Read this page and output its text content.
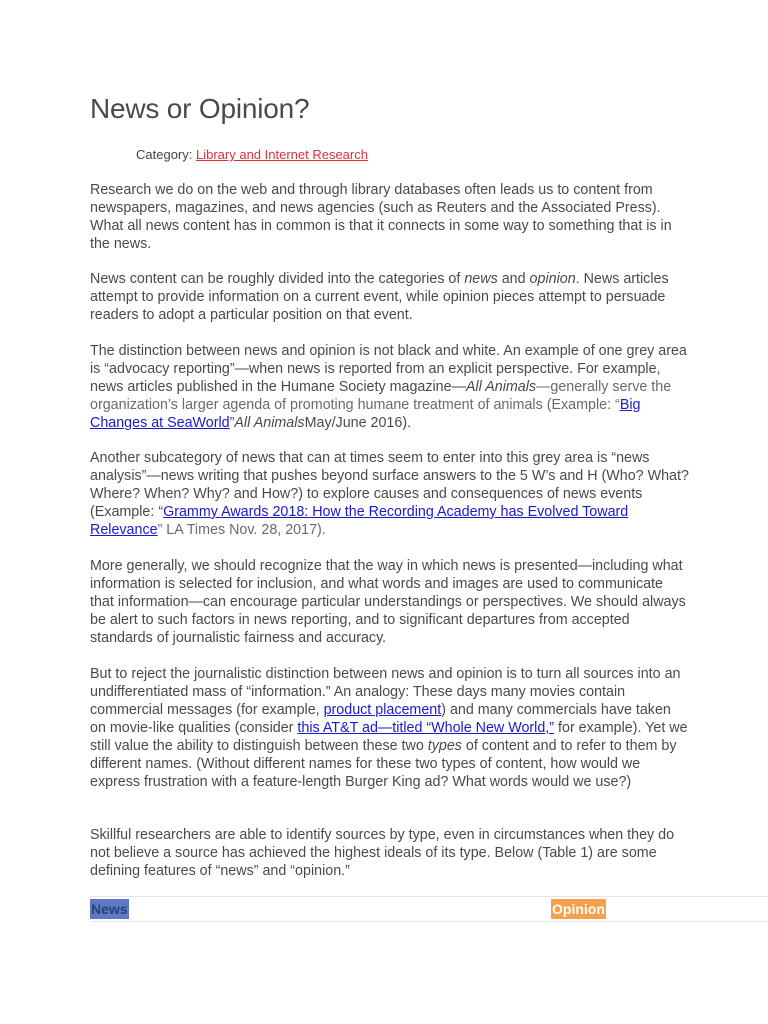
News or Opinion?
Category: Library and Internet Research

Research we do on the web and through library databases often leads us to content from newspapers, magazines, and news agencies (such as Reuters and the Associated Press). What all news content has in common is that it connects in some way to something that is in the news.

News content can be roughly divided into the categories of news and opinion. News articles attempt to provide information on a current event, while opinion pieces attempt to persuade readers to adopt a particular position on that event.

The distinction between news and opinion is not black and white. An example of one grey area is “advocacy reporting”—when news is reported from an explicit perspective. For example, news articles published in the Humane Society magazine—All Animals—generally serve the organization’s larger agenda of promoting humane treatment of animals (Example: “Big Changes at SeaWorld”All AnimalsMay/June 2016).

Another subcategory of news that can at times seem to enter into this grey area is “news analysis”—news writing that pushes beyond surface answers to the 5 W’s and H (Who? What? Where? When? Why? and How?) to explore causes and consequences of news events (Example: “Grammy Awards 2018: How the Recording Academy has Evolved Toward Relevance” LA Times Nov. 28, 2017).

More generally, we should recognize that the way in which news is presented—including what information is selected for inclusion, and what words and images are used to communicate that information—can encourage particular understandings or perspectives. We should always be alert to such factors in news reporting, and to significant departures from accepted standards of journalistic fairness and accuracy.

But to reject the journalistic distinction between news and opinion is to turn all sources into an undifferentiated mass of “information.” An analogy: These days many movies contain commercial messages (for example, product placement) and many commercials have taken on movie-like qualities (consider this AT&T ad—titled “Whole New World,” for example). Yet we still value the ability to distinguish between these two types of content and to refer to them by different names. (Without different names for these two types of content, how would we express frustration with a feature-length Burger King ad? What words would we use?)

Skillful researchers are able to identify sources by type, even in circumstances when they do not believe a source has achieved the highest ideals of its type. Below (Table 1) are some defining features of “news” and “opinion.”

News	Opinion
